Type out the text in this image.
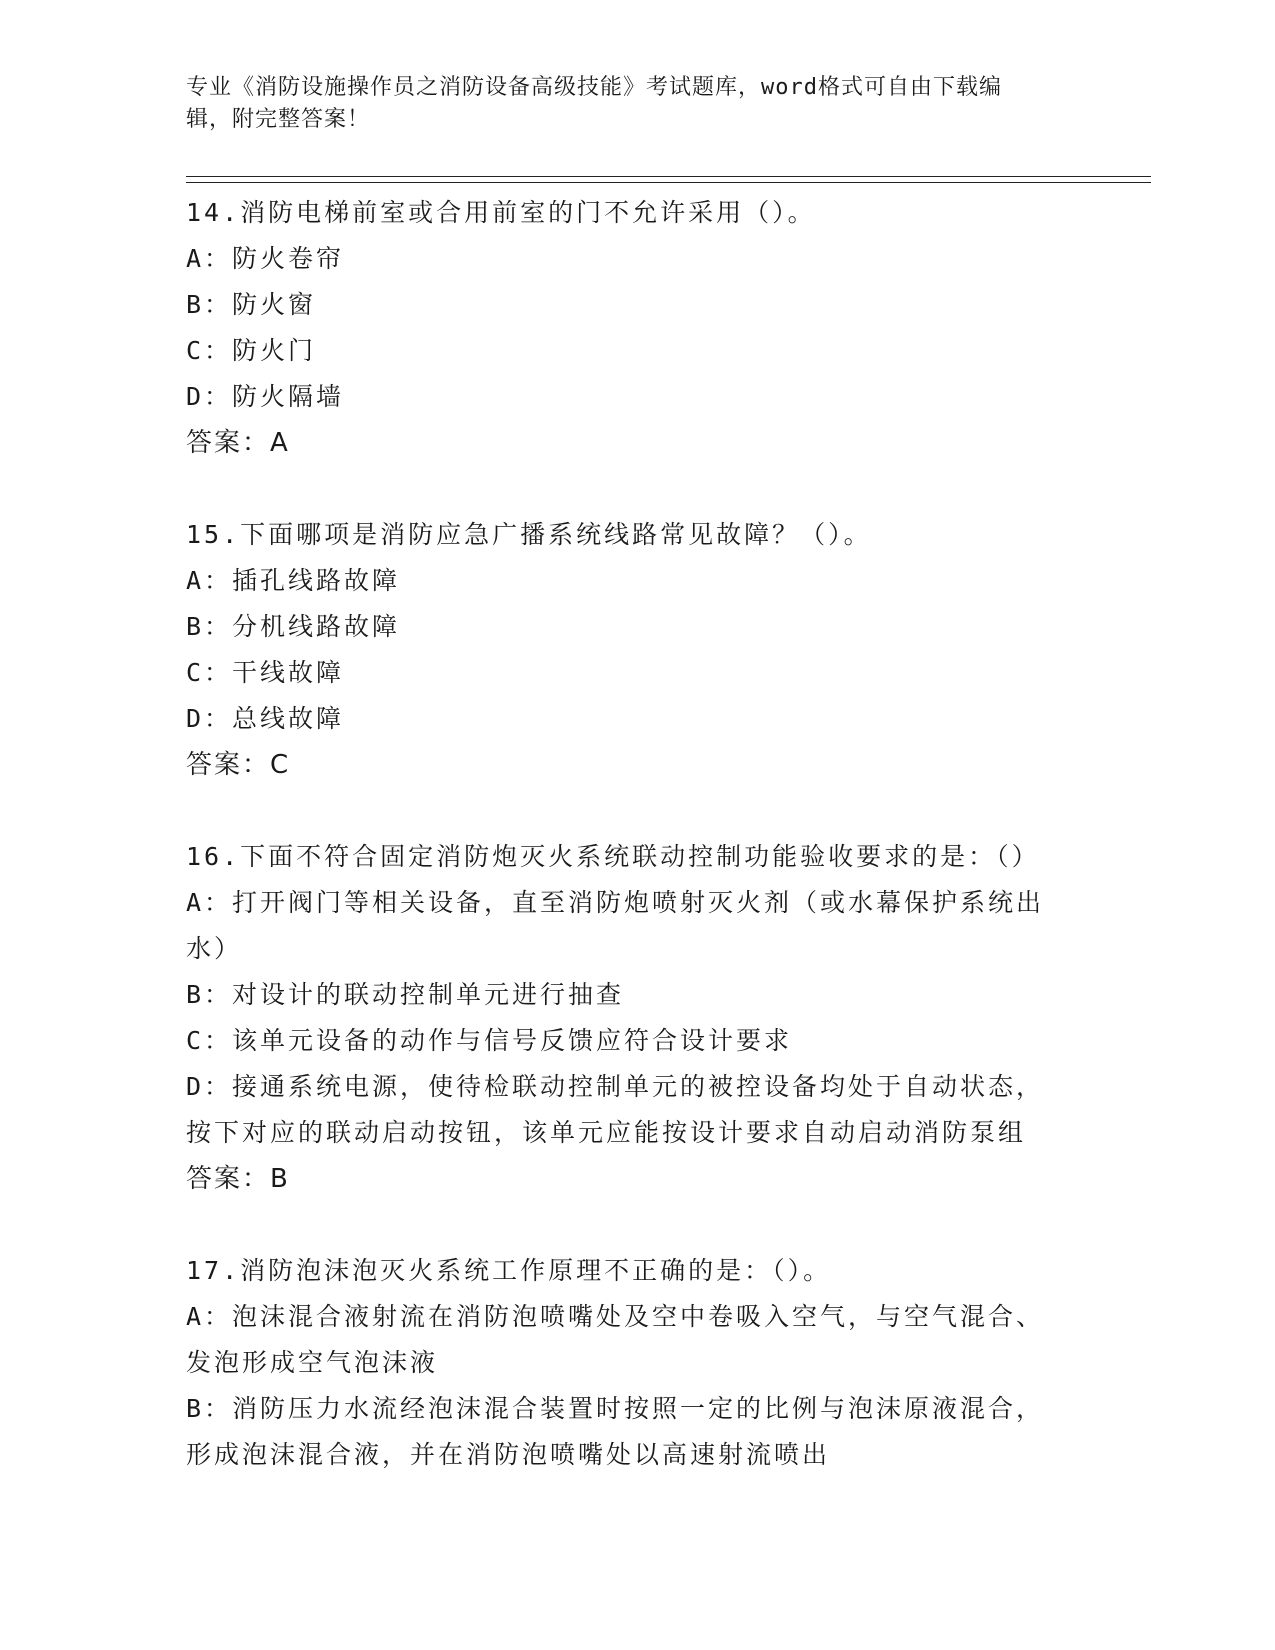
专业《消防设施操作员之消防设备高级技能》考试题库，word格式可自由下载编
辑，附完整答案！
14.消防电梯前室或合用前室的门不允许采用（）。
A：防火卷帘
B：防火窗
C：防火门
D：防火隔墙
答案：A
15.下面哪项是消防应急广播系统线路常见故障？（）。
A：插孔线路故障
B：分机线路故障
C：干线故障
D：总线故障
答案：C
16.下面不符合固定消防炮灭火系统联动控制功能验收要求的是：（）
A：打开阀门等相关设备，直至消防炮喷射灭火剂（或水幕保护系统出
水）
B：对设计的联动控制单元进行抽查
C：该单元设备的动作与信号反馈应符合设计要求
D：接通系统电源，使待检联动控制单元的被控设备均处于自动状态，
按下对应的联动启动按钮，该单元应能按设计要求自动启动消防泵组
答案：B
17.消防泡沫泡灭火系统工作原理不正确的是：（）。
A：泡沫混合液射流在消防泡喷嘴处及空中卷吸入空气，与空气混合、
发泡形成空气泡沫液
B：消防压力水流经泡沫混合装置时按照一定的比例与泡沫原液混合，
形成泡沫混合液，并在消防泡喷嘴处以高速射流喷出
